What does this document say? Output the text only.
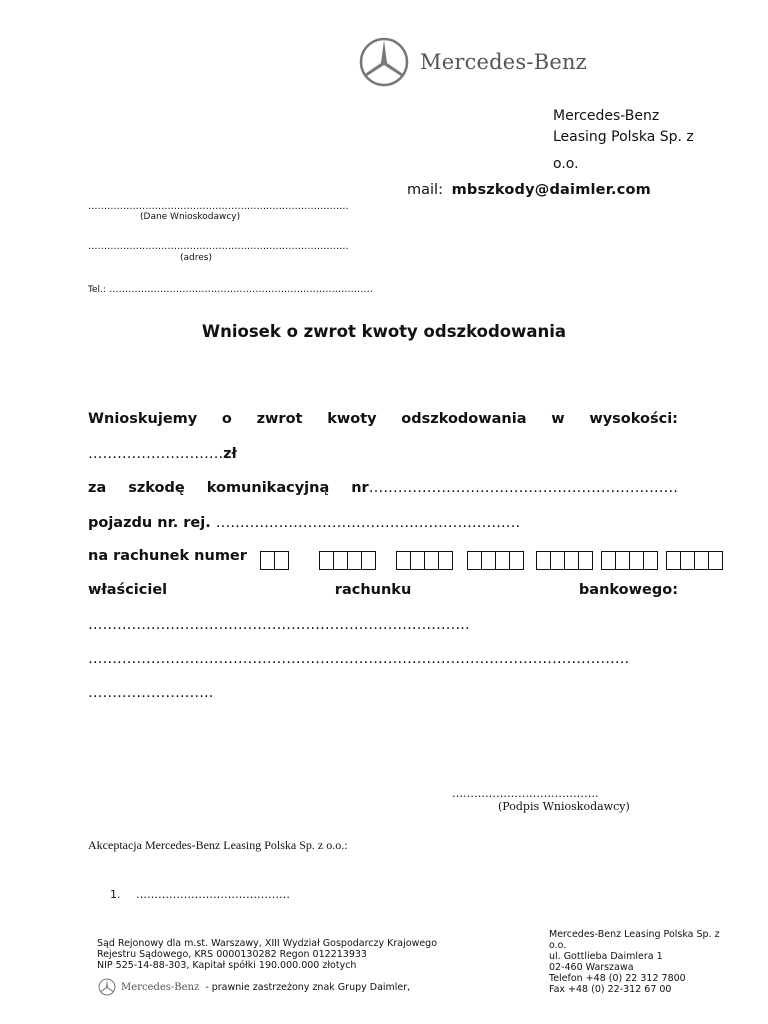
Mercedes-Benz
Mercedes-Benz
Leasing Polska Sp. z
o.o.
mail: mbszkody@daimler.com
..................................................................................
(Dane Wnioskodawcy)
..................................................................................
(adres)
Tel.: ...................................................................................
Wniosek o zwrot kwoty odszkodowania
Wnioskujemy o zwrot kwoty odszkodowania w wysokości:
……………………….zł
za szkodę komunikacyjną nr ……………………………………………………….
pojazdu nr. rej. ………………………………………………………
na rachunek numer
właściciel	rachunku	bankowego:
…………………………………………………………………….
………………………………………………………………………………………………….
……………………..
………………………………….
(Podpis Wnioskodawcy)
Akceptacja Mercedes-Benz Leasing Polska Sp. z o.o.:
1. ……………………………………
Sąd Rejonowy dla m.st. Warszawy, XIII Wydział Gospodarczy Krajowego
Rejestru Sądowego, KRS 0000130282 Regon 012213933
NIP 525-14-88-303, Kapitał spółki 190.000.000 złotych
Mercedes-Benz - prawnie zastrzeżony znak Grupy Daimler,
Mercedes-Benz Leasing Polska Sp. z
o.o.
ul. Gottlieba Daimlera 1
02-460 Warszawa
Telefon +48 (0) 22 312 7800
Fax +48 (0) 22-312 67 00
